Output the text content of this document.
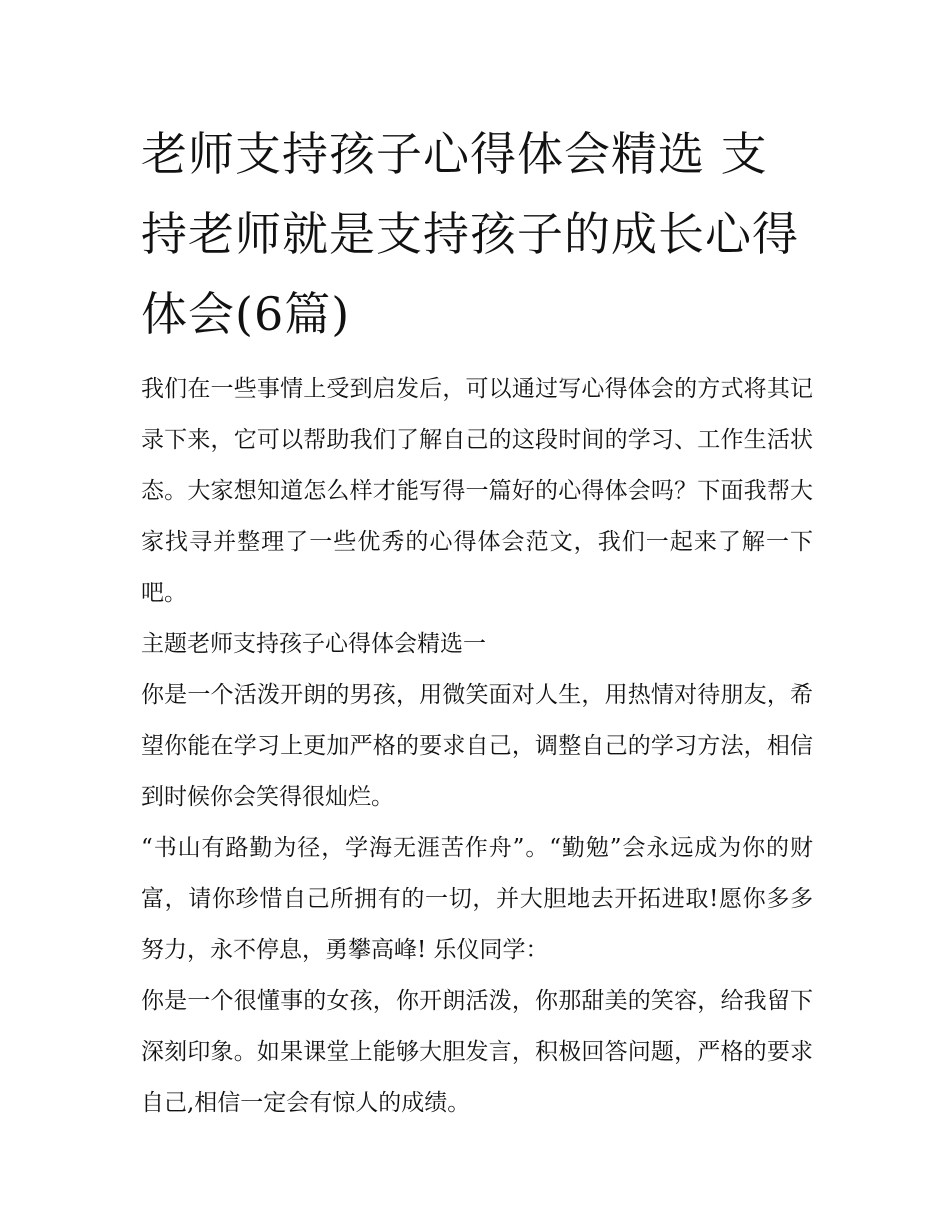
老师支持孩子心得体会精选 支持老师就是支持孩子的成长心得体会(6篇)

我们在一些事情上受到启发后，可以通过写心得体会的方式将其记录下来，它可以帮助我们了解自己的这段时间的学习、工作生活状态。大家想知道怎么样才能写得一篇好的心得体会吗？下面我帮大家找寻并整理了一些优秀的心得体会范文，我们一起来了解一下吧。

主题老师支持孩子心得体会精选一

你是一个活泼开朗的男孩，用微笑面对人生，用热情对待朋友，希望你能在学习上更加严格的要求自己，调整自己的学习方法，相信到时候你会笑得很灿烂。

“书山有路勤为径，学海无涯苦作舟”。“勤勉”会永远成为你的财富，请你珍惜自己所拥有的一切，并大胆地去开拓进取!愿你多多努力，永不停息，勇攀高峰! 乐仪同学：

你是一个很懂事的女孩，你开朗活泼，你那甜美的笑容，给我留下深刻印象。如果课堂上能够大胆发言，积极回答问题，严格的要求自己,相信一定会有惊人的成绩。
